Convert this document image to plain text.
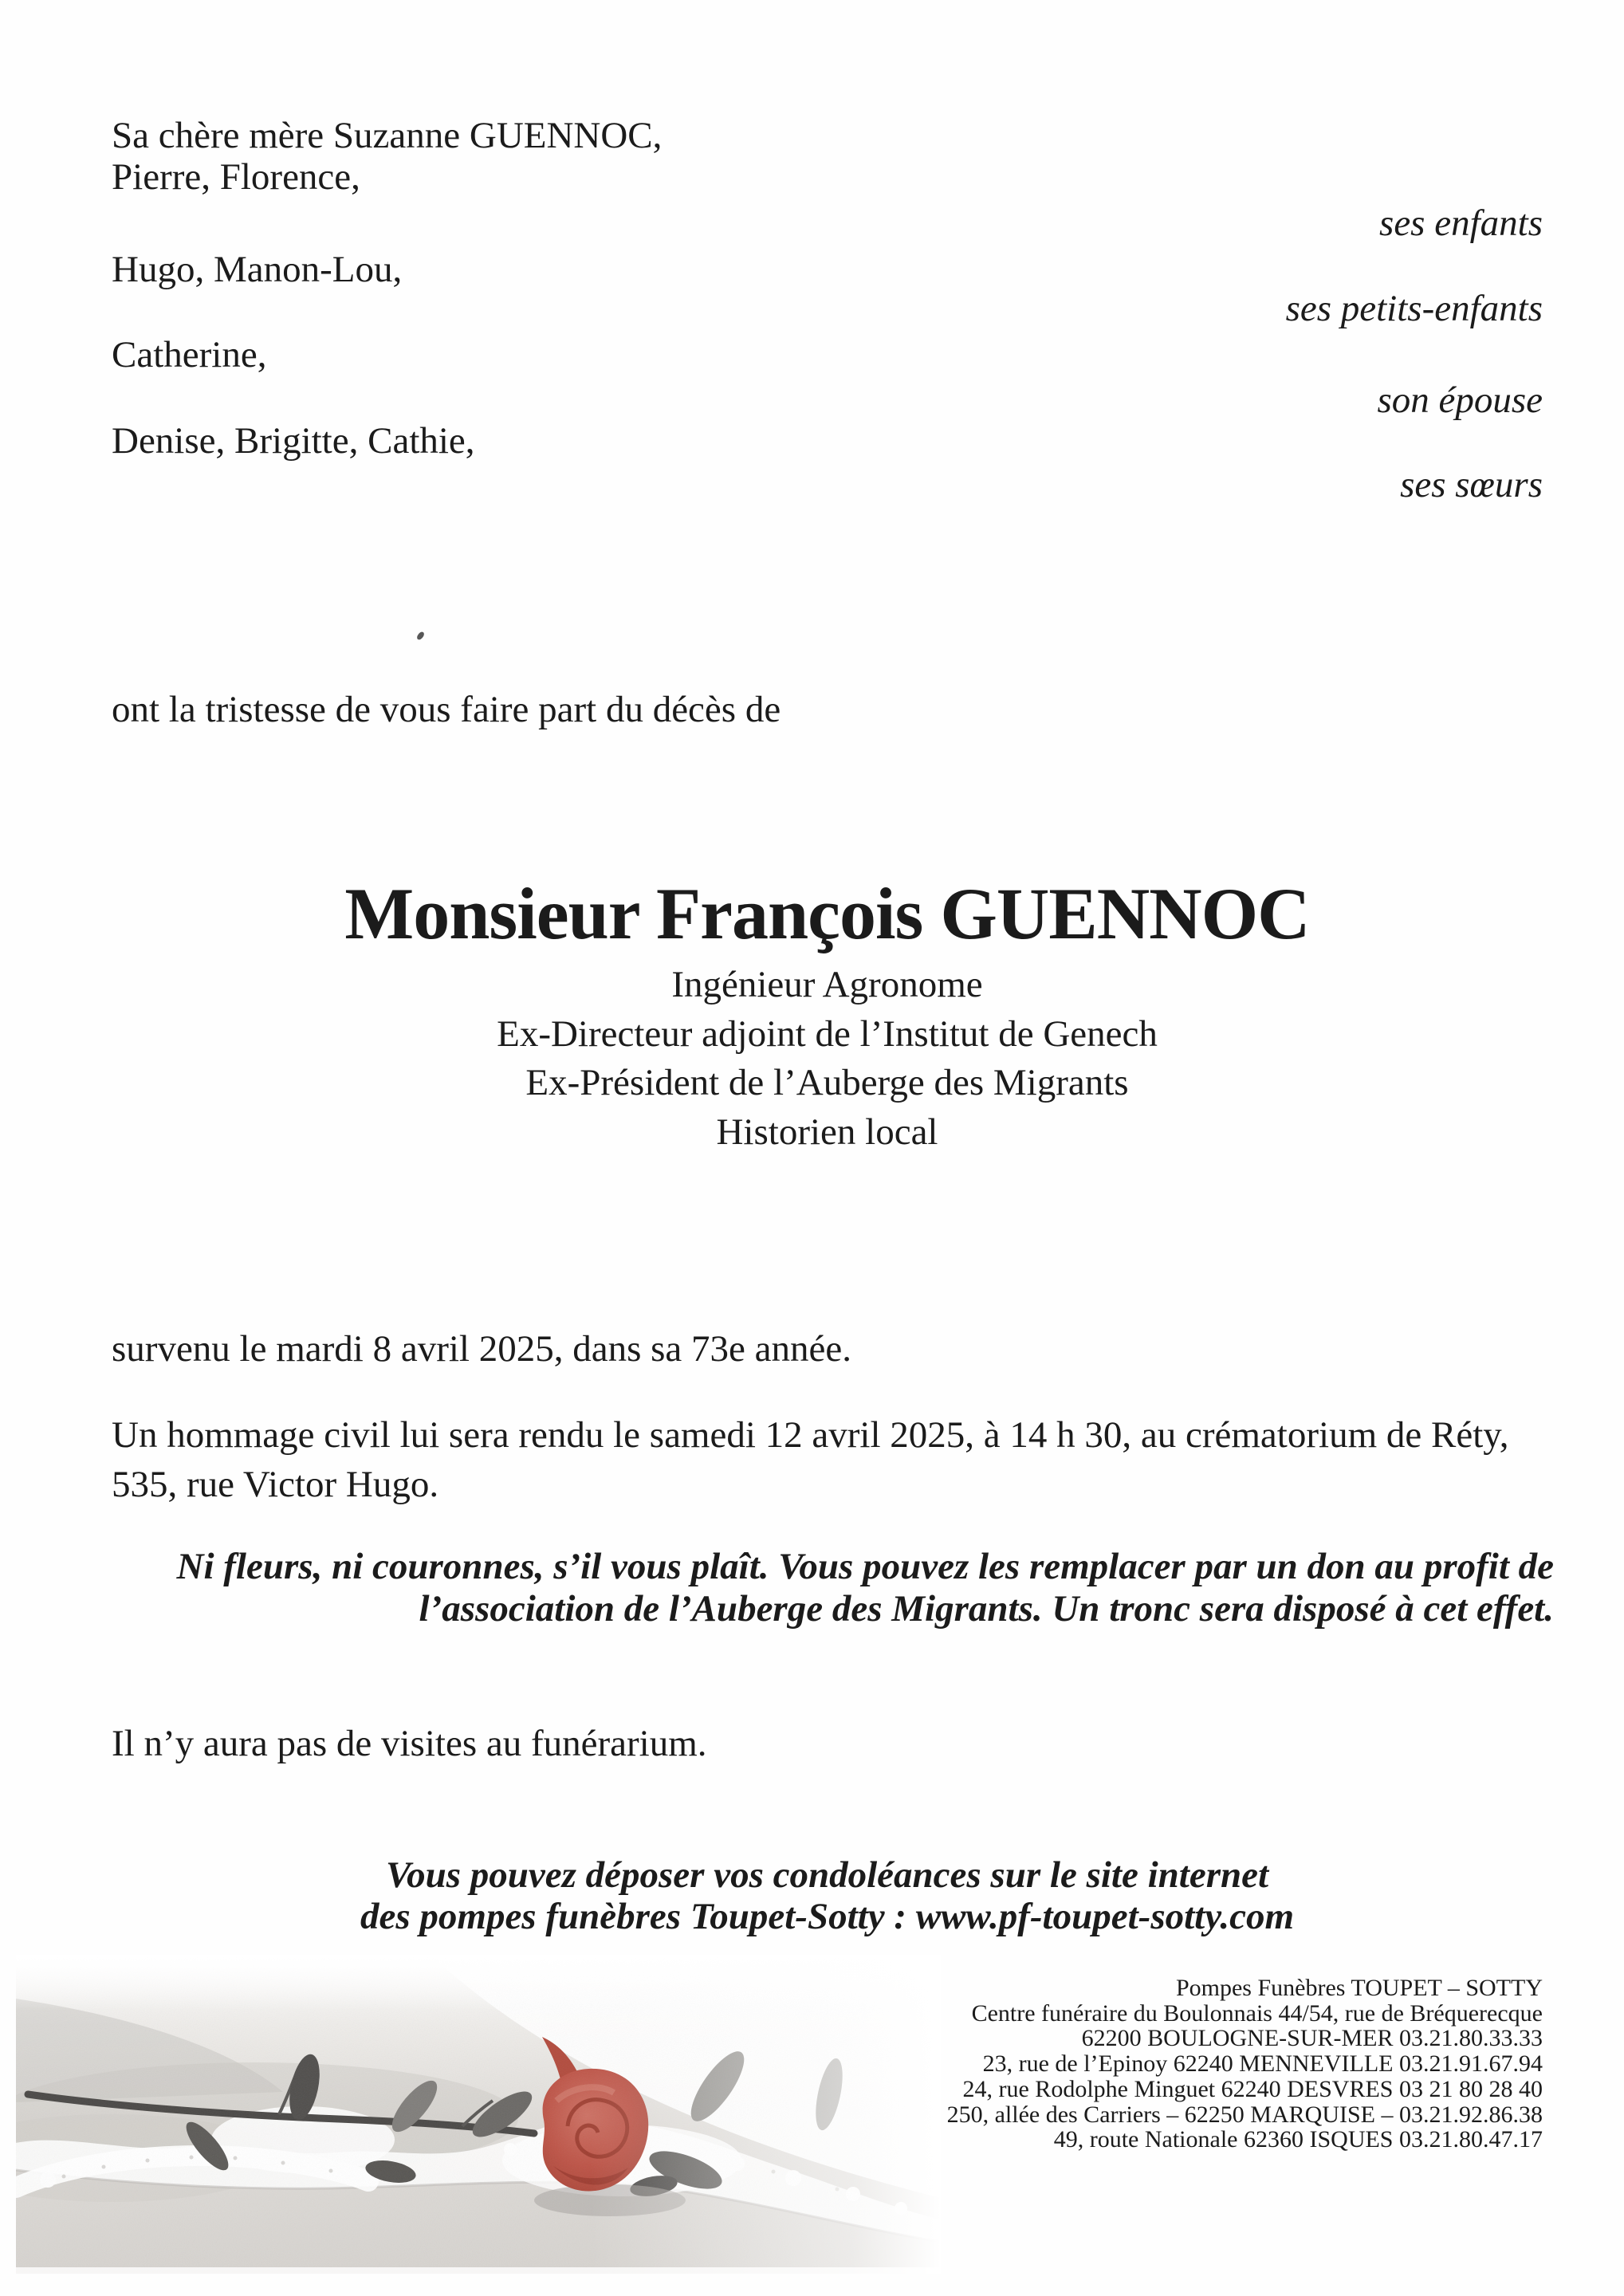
Sa chère mère Suzanne GUENNOC,
Pierre, Florence,
ses enfants
Hugo, Manon-Lou,
ses petits-enfants
Catherine,
son épouse
Denise, Brigitte, Cathie,
ses sœurs
ont la tristesse de vous faire part du décès de
Monsieur François GUENNOC
Ingénieur Agronome
Ex-Directeur adjoint de l’Institut de Genech
Ex-Président de l’Auberge des Migrants
Historien local
survenu le mardi 8 avril 2025, dans sa 73e année.
Un hommage civil lui sera rendu le samedi 12 avril 2025, à 14 h 30, au crématorium de Réty,
535, rue Victor Hugo.
Ni fleurs, ni couronnes, s’il vous plaît. Vous pouvez les remplacer par un don au profit de
l’association de l’Auberge des Migrants. Un tronc sera disposé à cet effet.
Il n’y aura pas de visites au funérarium.
Vous pouvez déposer vos condoléances sur le site internet
des pompes funèbres Toupet-Sotty : www.pf-toupet-sotty.com
Pompes Funèbres TOUPET – SOTTY
Centre funéraire du Boulonnais 44/54, rue de Bréquerecque
62200 BOULOGNE-SUR-MER 03.21.80.33.33
23, rue de l’Epinoy 62240 MENNEVILLE 03.21.91.67.94
24, rue Rodolphe Minguet 62240 DESVRES 03 21 80 28 40
250, allée des Carriers – 62250 MARQUISE – 03.21.92.86.38
49, route Nationale 62360 ISQUES 03.21.80.47.17
